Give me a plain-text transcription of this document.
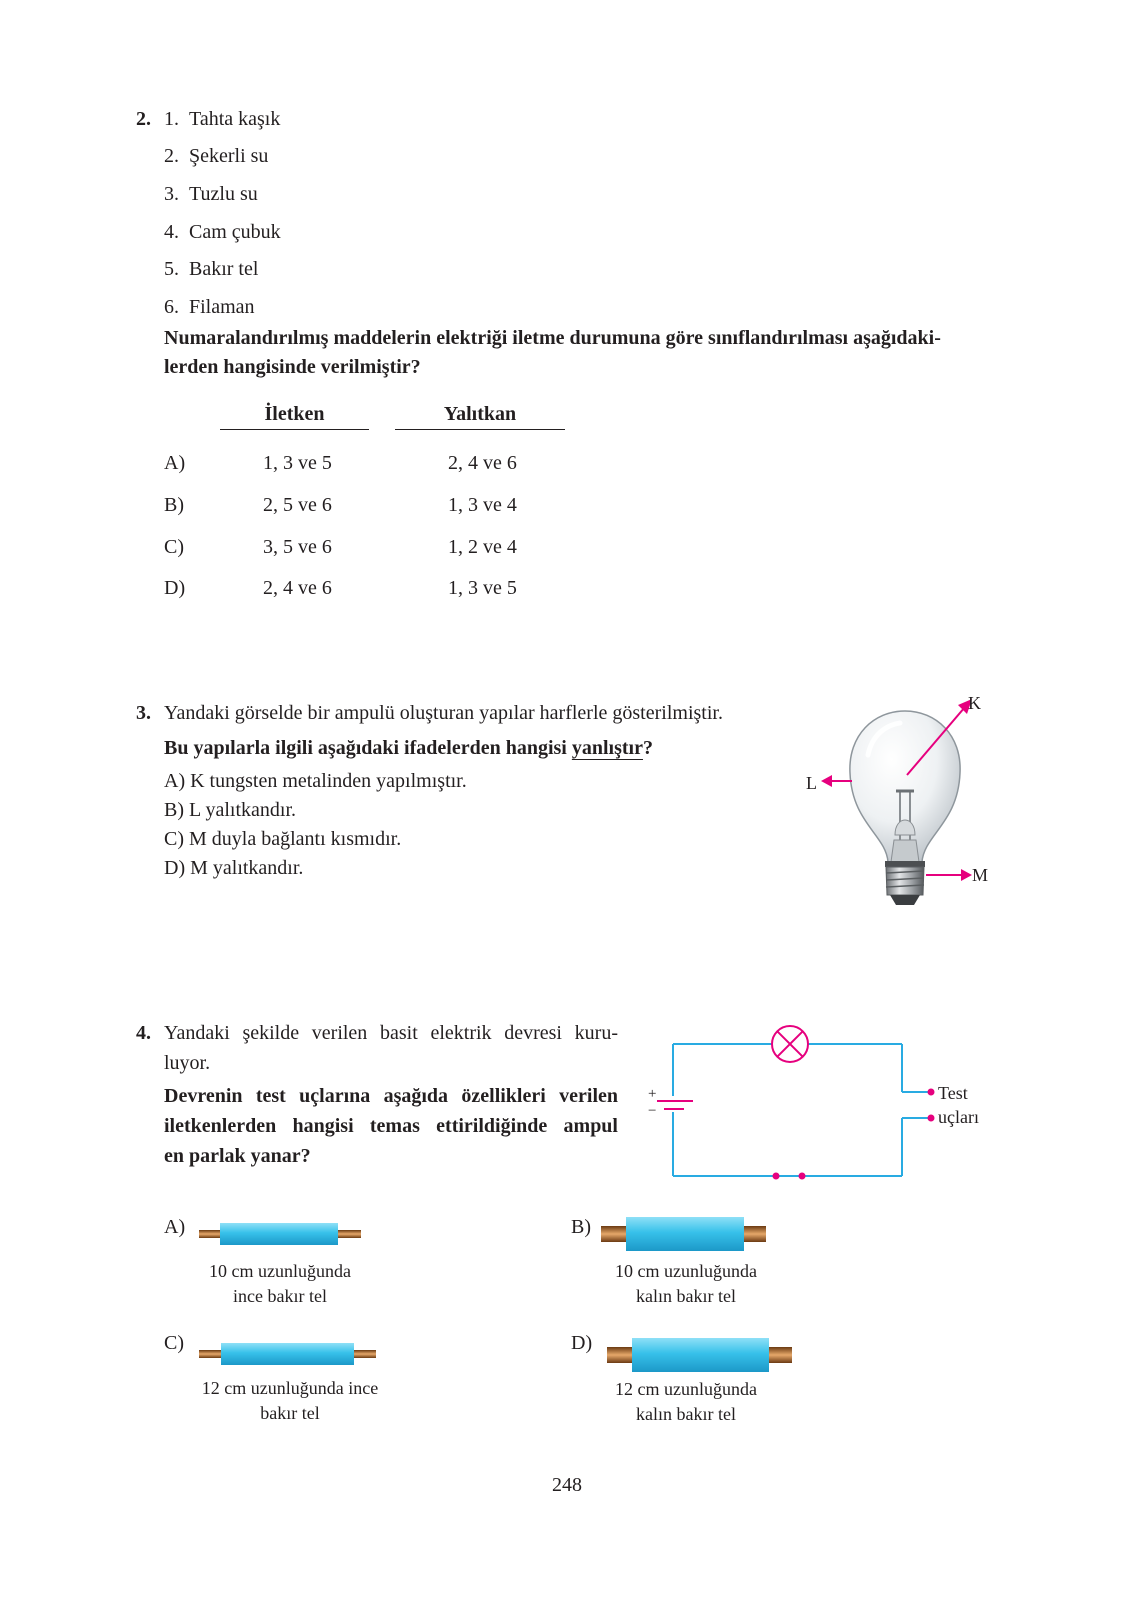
2. 1. Tahta kaşık
2. Şekerli su
3. Tuzlu su
4. Cam çubuk
5. Bakır tel
6. Filaman
Numaralandırılmış maddelerin elektriği iletme durumuna göre sınıflandırılması aşağıdaki-
lerden hangisinde verilmiştir?
İletken	Yalıtkan
A)	1, 3 ve 5	2, 4 ve 6
B)	2, 5 ve 6	1, 3 ve 4
C)	3, 5 ve 6	1, 2 ve 4
D)	2, 4 ve 6	1, 3 ve 5
3. Yandaki görselde bir ampulü oluşturan yapılar harflerle gösterilmiştir.
Bu yapılarla ilgili aşağıdaki ifadelerden hangisi yanlıştır?
A) K tungsten metalinden yapılmıştır.
B) L yalıtkandır.
C) M duyla bağlantı kısmıdır.
D) M yalıtkandır.
K
L
M
4. Yandaki şekilde verilen basit elektrik devresi kuru-
luyor.
Devrenin test uçlarına aşağıda özellikleri verilen
iletkenlerden hangisi temas ettirildiğinde ampul
en parlak yanar?
+
−
Test
uçları
A)
10 cm uzunluğunda
ince bakır tel
B)
10 cm uzunluğunda
kalın bakır tel
C)
12 cm uzunluğunda ince
bakır tel
D)
12 cm uzunluğunda
kalın bakır tel
248
